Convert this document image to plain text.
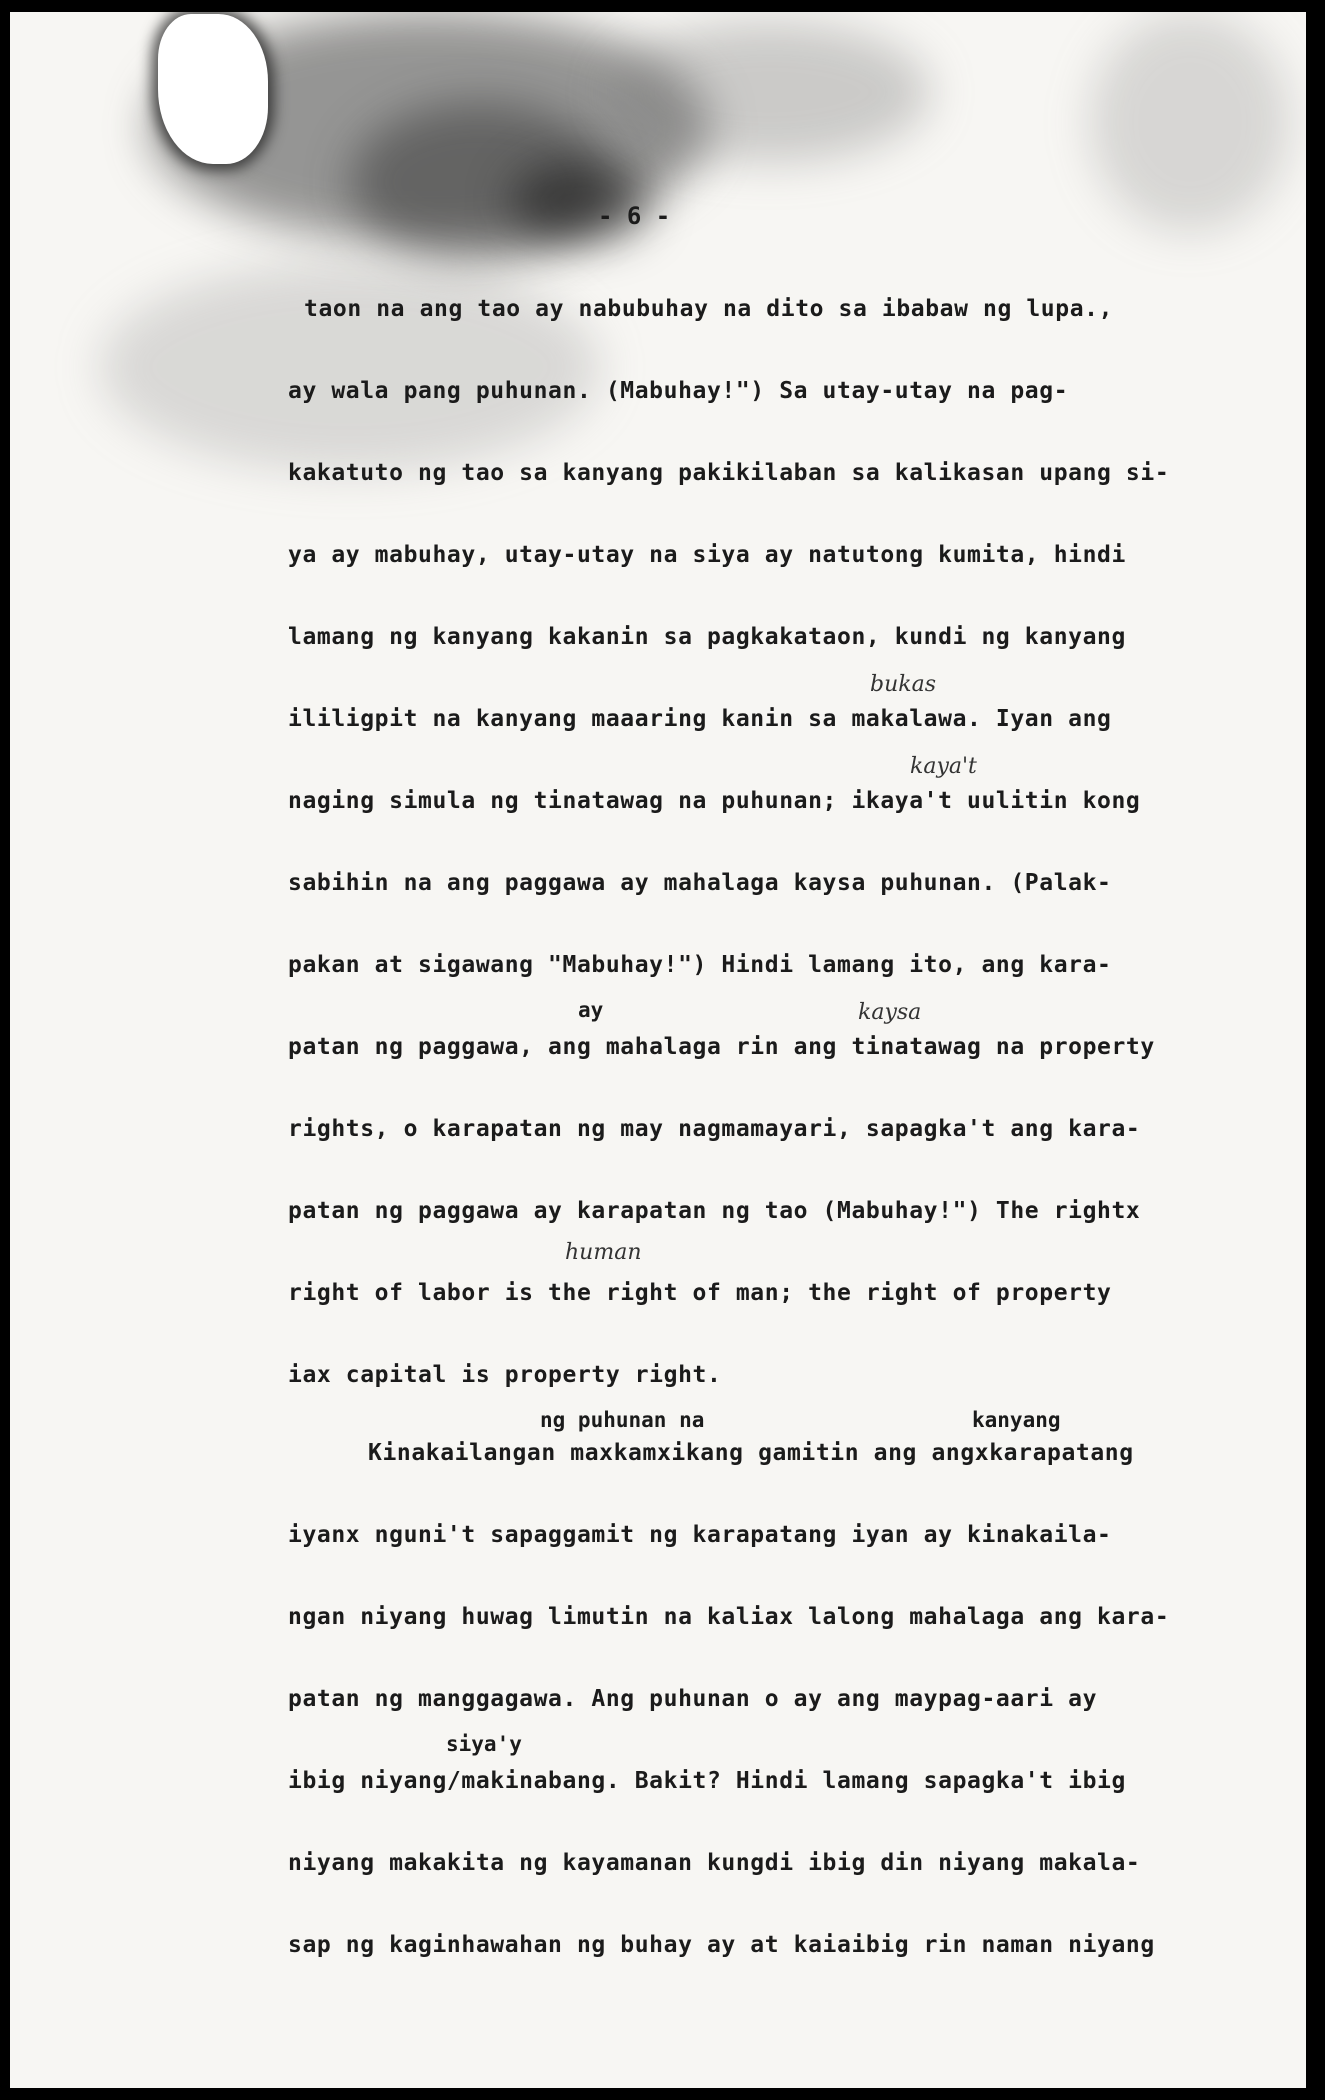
- 6 -
taon na ang tao ay nabubuhay na dito sa ibabaw ng lupa.,
ay wala pang puhunan. (Mabuhay!") Sa utay-utay na pag-
kakatuto ng tao sa kanyang pakikilaban sa kalikasan upang si-
ya ay mabuhay, utay-utay na siya ay natutong kumita, hindi
lamang ng kanyang kakanin sa pagkakataon, kundi ng kanyang
bukas
ililigpit na kanyang maaaring kanin sa makalawa. Iyan ang
kaya't
naging simula ng tinatawag na puhunan; ikaya't uulitin kong
sabihin na ang paggawa ay mahalaga kaysa puhunan. (Palak-
pakan at sigawang "Mabuhay!") Hindi lamang ito, ang kara-
ay	kaysa
patan ng paggawa, ang mahalaga rin ang tinatawag na property
rights, o karapatan ng may nagmamayari, sapagka't ang kara-
patan ng paggawa ay karapatan ng tao (Mabuhay!") The rightx
human
right of labor is the right of man; the right of property
iax capital is property right.
ng puhunan na	kanyang
Kinakailangan maxkamxikang gamitin ang angxkarapatang
iyanx nguni't sapaggamit ng karapatang iyan ay kinakaila-
ngan niyang huwag limutin na kaliax lalong mahalaga ang kara-
patan ng manggagawa. Ang puhunan o ay ang maypag-aari ay
siya'y
ibig niyang/makinabang. Bakit? Hindi lamang sapagka't ibig
niyang makakita ng kayamanan kungdi ibig din niyang makala-
sap ng kaginhawahan ng buhay ay at kaiaibig rin naman niyang
